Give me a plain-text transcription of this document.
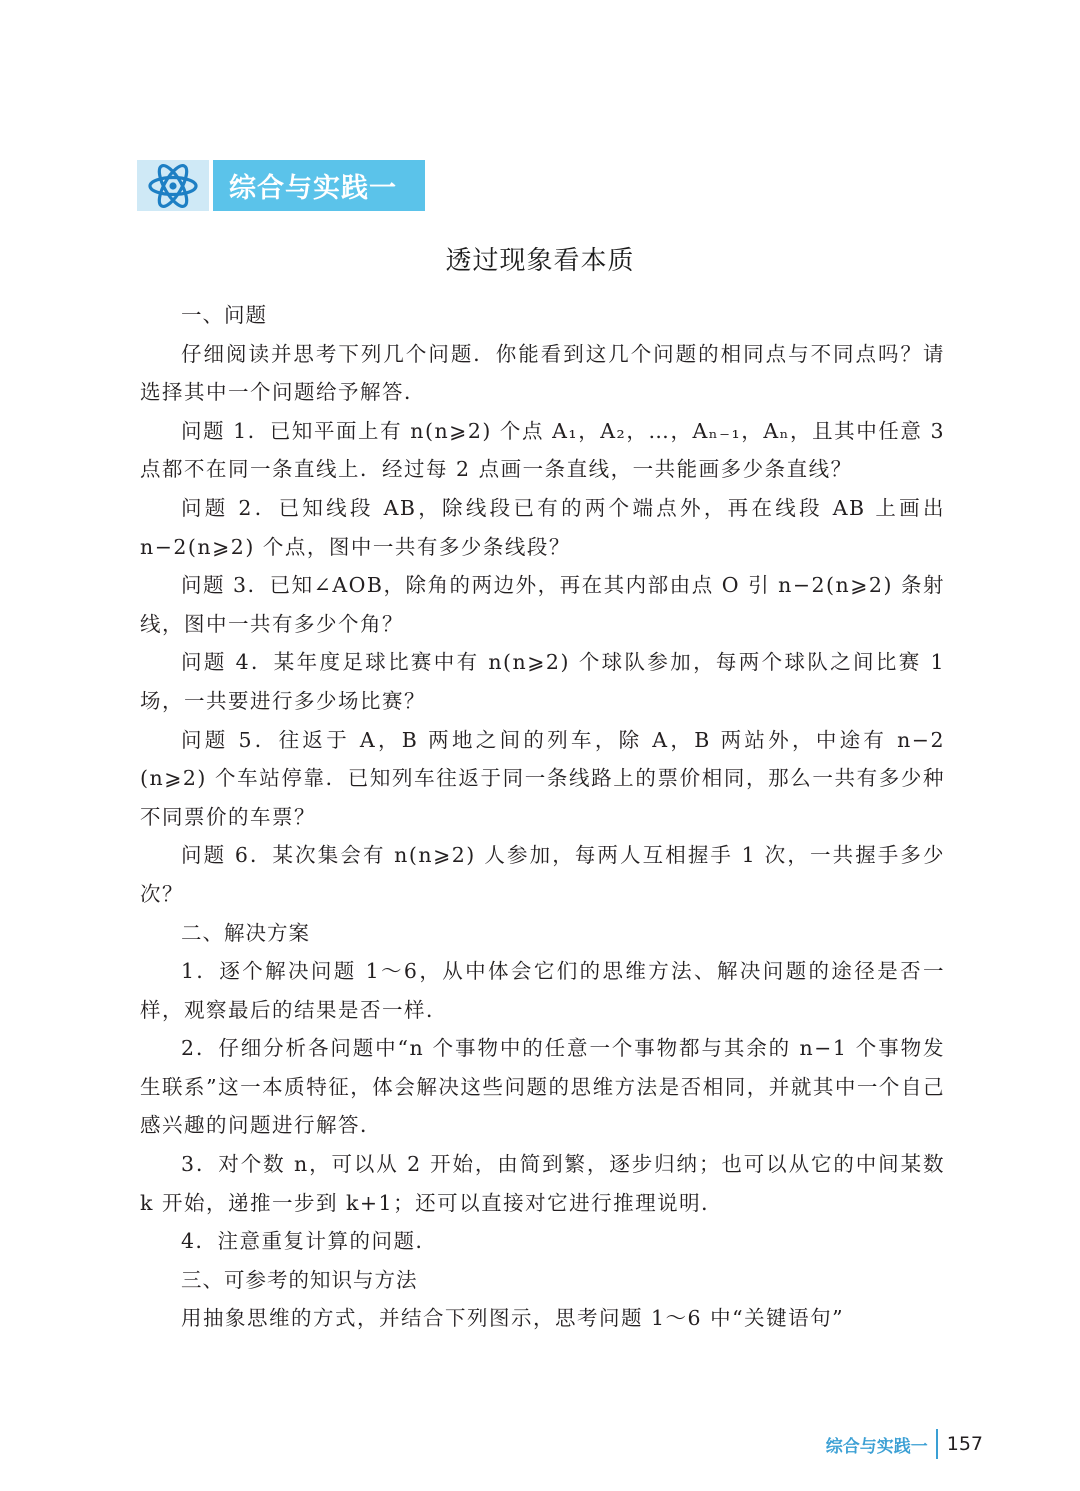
综合与实践一
透过现象看本质

一、问题

仔细阅读并思考下列几个问题．你能看到这几个问题的相同点与不同点吗？请选择其中一个问题给予解答．

问题 1．已知平面上有 n(n⩾2) 个点 A₁，A₂，…，Aₙ₋₁，Aₙ，且其中任意 3 点都不在同一条直线上．经过每 2 点画一条直线，一共能画多少条直线？

问题 2．已知线段 AB，除线段已有的两个端点外，再在线段 AB 上画出 n−2(n⩾2) 个点，图中一共有多少条线段？

问题 3．已知∠AOB，除角的两边外，再在其内部由点 O 引 n−2(n⩾2) 条射线，图中一共有多少个角？

问题 4．某年度足球比赛中有 n(n⩾2) 个球队参加，每两个球队之间比赛 1 场，一共要进行多少场比赛？

问题 5．往返于 A，B 两地之间的列车，除 A，B 两站外，中途有 n−2 (n⩾2) 个车站停靠．已知列车往返于同一条线路上的票价相同，那么一共有多少种不同票价的车票？

问题 6．某次集会有 n(n⩾2) 人参加，每两人互相握手 1 次，一共握手多少次？

二、解决方案

1．逐个解决问题 1～6，从中体会它们的思维方法、解决问题的途径是否一样，观察最后的结果是否一样．

2．仔细分析各问题中“n 个事物中的任意一个事物都与其余的 n−1 个事物发生联系”这一本质特征，体会解决这些问题的思维方法是否相同，并就其中一个自己感兴趣的问题进行解答．

3．对个数 n，可以从 2 开始，由简到繁，逐步归纳；也可以从它的中间某数 k 开始，递推一步到 k+1；还可以直接对它进行推理说明．

4．注意重复计算的问题．

三、可参考的知识与方法

用抽象思维的方式，并结合下列图示，思考问题 1～6 中“关键语句”

综合与实践一 157
